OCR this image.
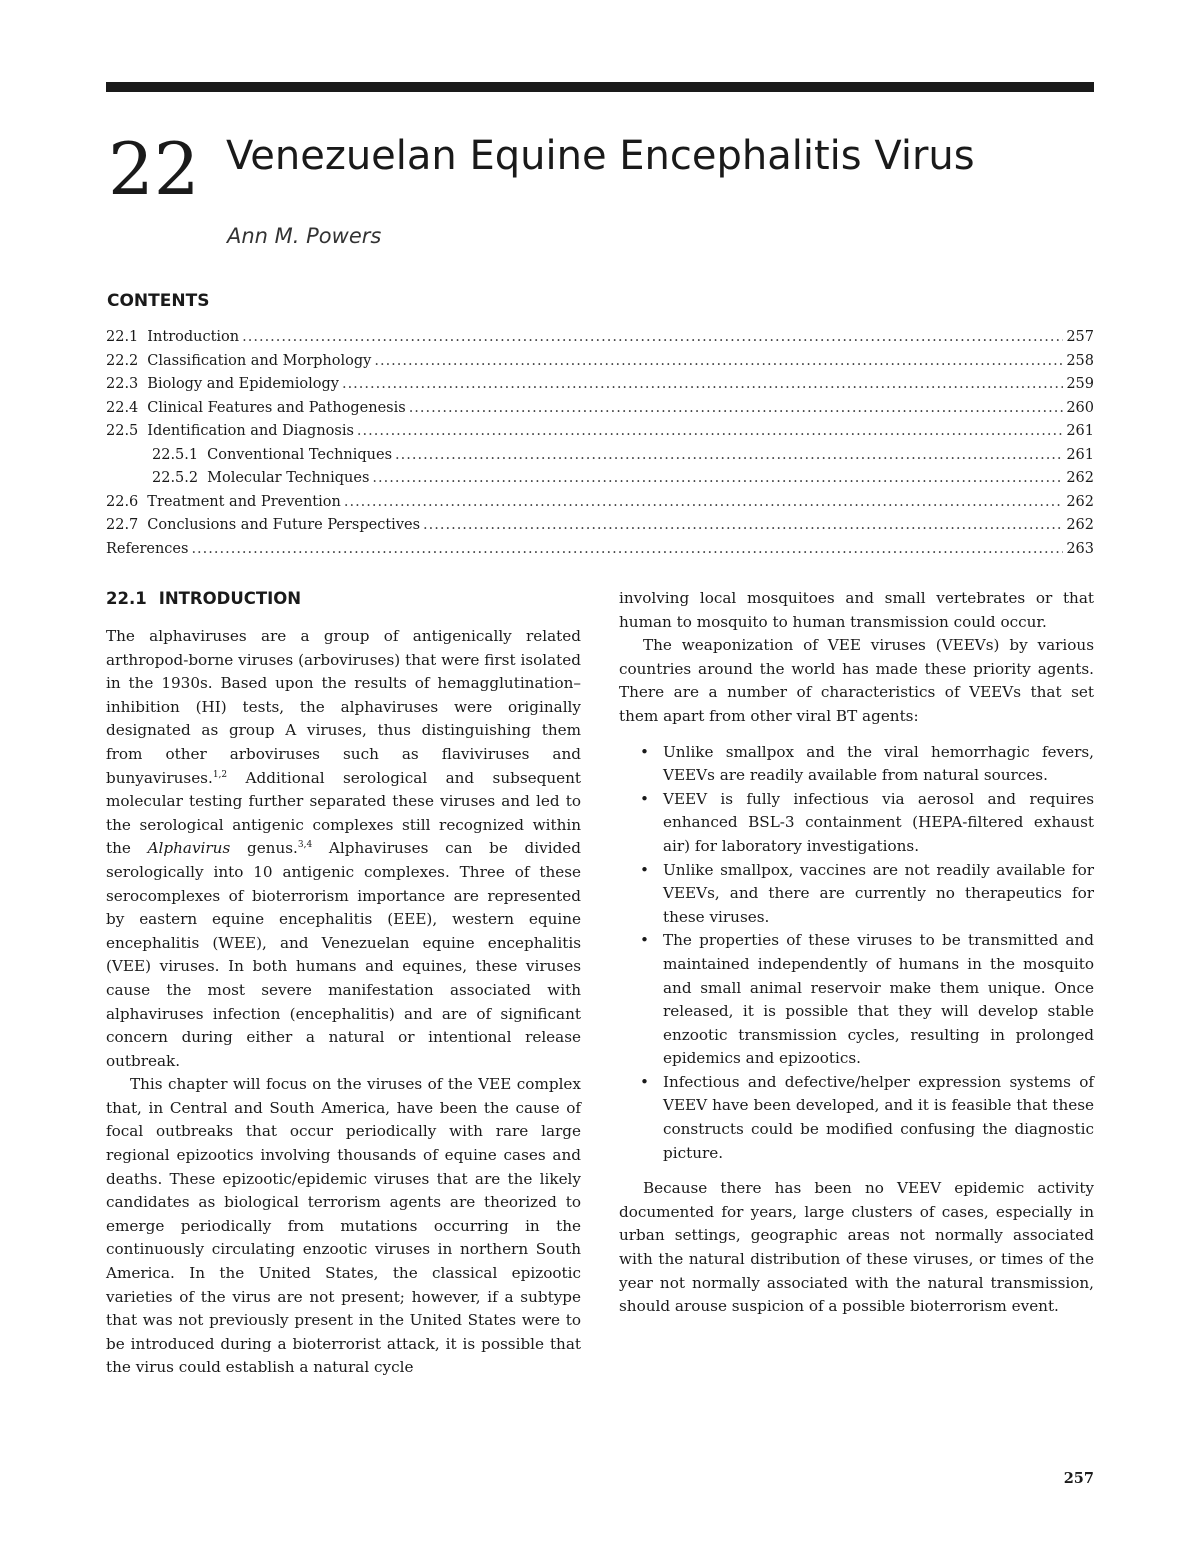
22 Venezuelan Equine Encephalitis Virus
Ann M. Powers
CONTENTS
22.1 Introduction .....	257
22.2 Classification and Morphology .....	258
22.3 Biology and Epidemiology .....	259
22.4 Clinical Features and Pathogenesis .....	260
22.5 Identification and Diagnosis .....	261
22.5.1 Conventional Techniques .....	261
22.5.2 Molecular Techniques .....	262
22.6 Treatment and Prevention .....	262
22.7 Conclusions and Future Perspectives .....	262
References .....	263
22.1 INTRODUCTION

The alphaviruses are a group of antigenically related arthropod-borne viruses (arboviruses) that were first isolated in the 1930s. Based upon the results of hemagglutination–inhibition (HI) tests, the alphaviruses were originally designated as group A viruses, thus distinguishing them from other arboviruses such as flaviviruses and bunyaviruses.$^{1,2}$ Additional serological and subsequent molecular testing further separated these viruses and led to the serological antigenic complexes still recognized within the Alphavirus genus.$^{3,4}$ Alphaviruses can be divided serologically into 10 antigenic complexes. Three of these serocomplexes of bioterrorism importance are represented by eastern equine encephalitis (EEE), western equine encephalitis (WEE), and Venezuelan equine encephalitis (VEE) viruses. In both humans and equines, these viruses cause the most severe manifestation associated with alphaviruses infection (encephalitis) and are of significant concern during either a natural or intentional release outbreak.

This chapter will focus on the viruses of the VEE complex that, in Central and South America, have been the cause of focal outbreaks that occur periodically with rare large regional epizootics involving thousands of equine cases and deaths. These epizootic/epidemic viruses that are the likely candidates as biological terrorism agents are theorized to emerge periodically from mutations occurring in the continuously circulating enzootic viruses in northern South America. In the United States, the classical epizootic varieties of the virus are not present; however, if a subtype that was not previously present in the United States were to be introduced during a bioterrorist attack, it is possible that the virus could establish a natural cycle

involving local mosquitoes and small vertebrates or that human to mosquito to human transmission could occur.

The weaponization of VEE viruses (VEEVs) by various countries around the world has made these priority agents. There are a number of characteristics of VEEVs that set them apart from other viral BT agents:

• Unlike smallpox and the viral hemorrhagic fevers, VEEVs are readily available from natural sources.
• VEEV is fully infectious via aerosol and requires enhanced BSL-3 containment (HEPA-filtered exhaust air) for laboratory investigations.
• Unlike smallpox, vaccines are not readily available for VEEVs, and there are currently no therapeutics for these viruses.
• The properties of these viruses to be transmitted and maintained independently of humans in the mosquito and small animal reservoir make them unique. Once released, it is possible that they will develop stable enzootic transmission cycles, resulting in prolonged epidemics and epizootics.
• Infectious and defective/helper expression systems of VEEV have been developed, and it is feasible that these constructs could be modified confusing the diagnostic picture.

Because there has been no VEEV epidemic activity documented for years, large clusters of cases, especially in urban settings, geographic areas not normally associated with the natural distribution of these viruses, or times of the year not normally associated with the natural transmission, should arouse suspicion of a possible bioterrorism event.

257
